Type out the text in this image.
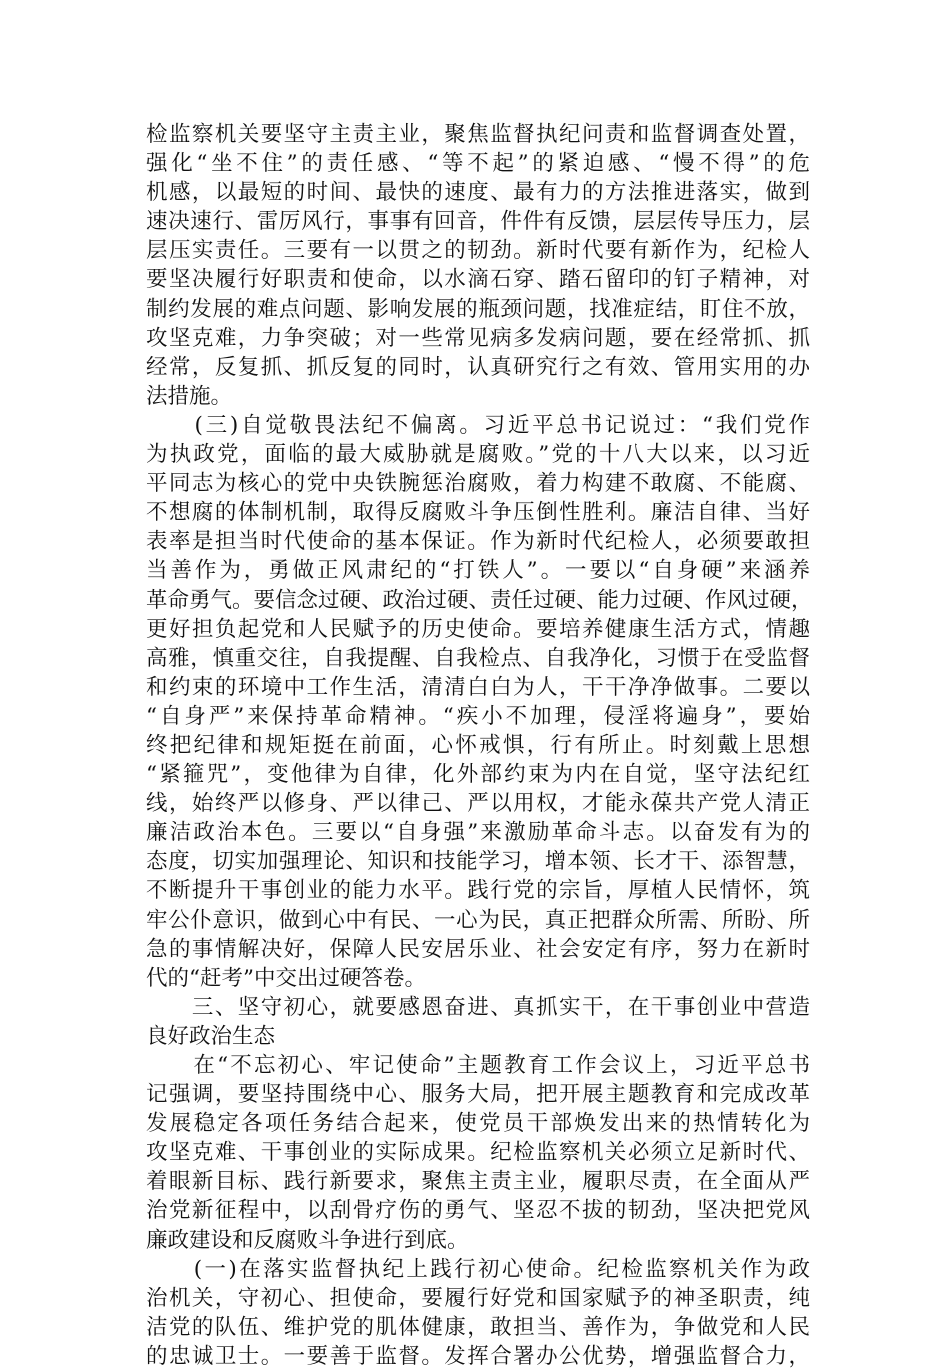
检监察机关要坚守主责主业，聚焦监督执纪问责和监督调查处置，
强化“坐不住”的责任感、“等不起”的紧迫感、“慢不得”的危
机感，以最短的时间、最快的速度、最有力的方法推进落实，做到
速决速行、雷厉风行，事事有回音，件件有反馈，层层传导压力，层
层压实责任。三要有一以贯之的韧劲。新时代要有新作为，纪检人
要坚决履行好职责和使命，以水滴石穿、踏石留印的钉子精神，对
制约发展的难点问题、影响发展的瓶颈问题，找准症结，盯住不放，
攻坚克难，力争突破；对一些常见病多发病问题，要在经常抓、抓
经常，反复抓、抓反复的同时，认真研究行之有效、管用实用的办
法措施。
　　(三)自觉敬畏法纪不偏离。习近平总书记说过：“我们党作
为执政党，面临的最大威胁就是腐败。”党的十八大以来，以习近
平同志为核心的党中央铁腕惩治腐败，着力构建不敢腐、不能腐、
不想腐的体制机制，取得反腐败斗争压倒性胜利。廉洁自律、当好
表率是担当时代使命的基本保证。作为新时代纪检人，必须要敢担
当善作为，勇做正风肃纪的“打铁人”。一要以“自身硬”来涵养
革命勇气。要信念过硬、政治过硬、责任过硬、能力过硬、作风过硬，
更好担负起党和人民赋予的历史使命。要培养健康生活方式，情趣
高雅，慎重交往，自我提醒、自我检点、自我净化，习惯于在受监督
和约束的环境中工作生活，清清白白为人，干干净净做事。二要以
“自身严”来保持革命精神。“疾小不加理，侵淫将遍身”，要始
终把纪律和规矩挺在前面，心怀戒惧，行有所止。时刻戴上思想
“紧箍咒”，变他律为自律，化外部约束为内在自觉，坚守法纪红
线，始终严以修身、严以律己、严以用权，才能永葆共产党人清正
廉洁政治本色。三要以“自身强”来激励革命斗志。以奋发有为的
态度，切实加强理论、知识和技能学习，增本领、长才干、添智慧，
不断提升干事创业的能力水平。践行党的宗旨，厚植人民情怀，筑
牢公仆意识，做到心中有民、一心为民，真正把群众所需、所盼、所
急的事情解决好，保障人民安居乐业、社会安定有序，努力在新时
代的“赶考”中交出过硬答卷。
　　三、坚守初心，就要感恩奋进、真抓实干，在干事创业中营造
良好政治生态
　　在“不忘初心、牢记使命”主题教育工作会议上，习近平总书
记强调，要坚持围绕中心、服务大局，把开展主题教育和完成改革
发展稳定各项任务结合起来，使党员干部焕发出来的热情转化为
攻坚克难、干事创业的实际成果。纪检监察机关必须立足新时代、
着眼新目标、践行新要求，聚焦主责主业，履职尽责，在全面从严
治党新征程中，以刮骨疗伤的勇气、坚忍不拔的韧劲，坚决把党风
廉政建设和反腐败斗争进行到底。
　　(一)在落实监督执纪上践行初心使命。纪检监察机关作为政
治机关，守初心、担使命，要履行好党和国家赋予的神圣职责，纯
洁党的队伍、维护党的肌体健康，敢担当、善作为，争做党和人民
的忠诚卫士。一要善于监督。发挥合署办公优势，增强监督合力，
